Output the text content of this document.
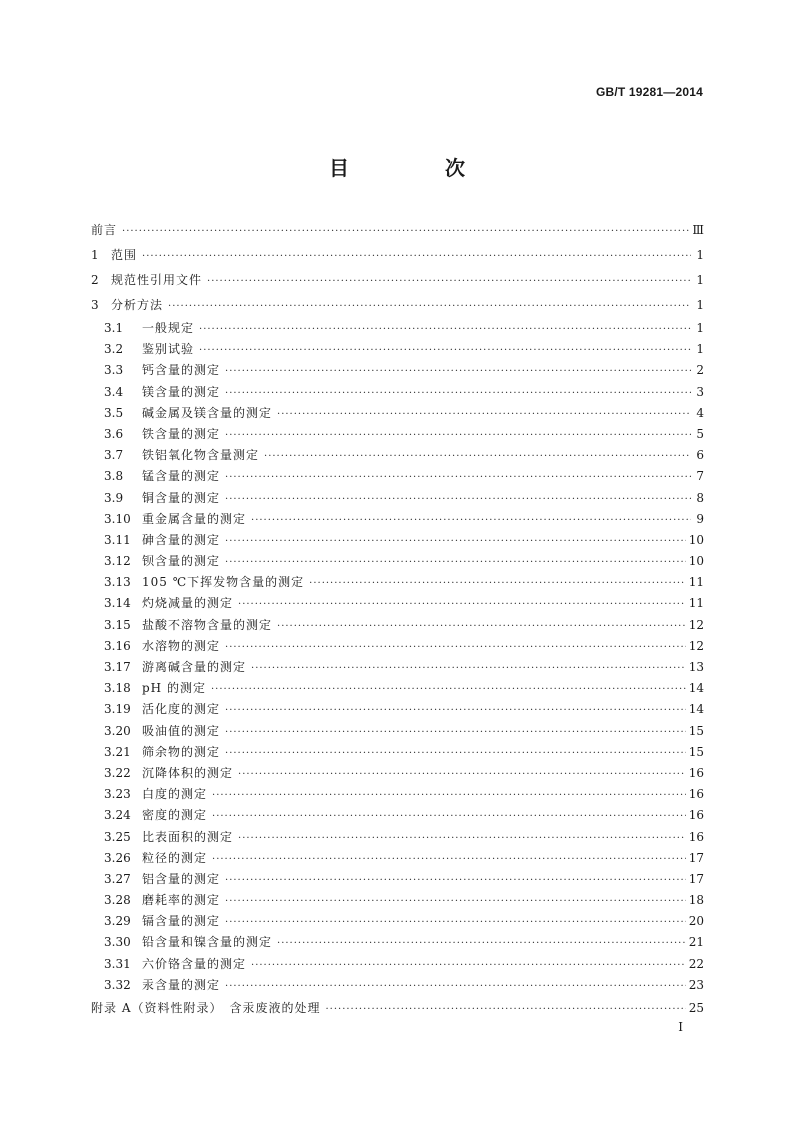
GB/T 19281—2014
目　次
前言 ·····	Ⅲ
1	范围 ·····	1
2	规范性引用文件 ·····	1
3	分析方法 ·····	1
3.1	一般规定 ·····	1
3.2	鉴别试验 ·····	1
3.3	钙含量的测定 ·····	2
3.4	镁含量的测定 ·····	3
3.5	碱金属及镁含量的测定 ·····	4
3.6	铁含量的测定 ·····	5
3.7	铁铝氧化物含量测定 ·····	6
3.8	锰含量的测定 ·····	7
3.9	铜含量的测定 ·····	8
3.10 重金属含量的测定 ·····	9
3.11 砷含量的测定 ·····	10
3.12 钡含量的测定 ·····	10
3.13 105 ℃下挥发物含量的测定 ·····	11
3.14 灼烧减量的测定 ·····	11
3.15 盐酸不溶物含量的测定 ·····	12
3.16 水溶物的测定 ·····	12
3.17 游离碱含量的测定 ·····	13
3.18 pH 的测定 ·····	14
3.19 活化度的测定 ·····	14
3.20 吸油值的测定 ·····	15
3.21 筛余物的测定 ·····	15
3.22 沉降体积的测定 ·····	16
3.23 白度的测定 ·····	16
3.24 密度的测定 ·····	16
3.25 比表面积的测定 ·····	16
3.26 粒径的测定 ·····	17
3.27 铝含量的测定 ·····	17
3.28 磨耗率的测定 ·····	18
3.29 镉含量的测定 ·····	20
3.30 铅含量和镍含量的测定 ·····	21
3.31 六价铬含量的测定 ·····	22
3.32 汞含量的测定 ·····	23
附录 A（资料性附录）　含汞废液的处理 ·····	25
I
